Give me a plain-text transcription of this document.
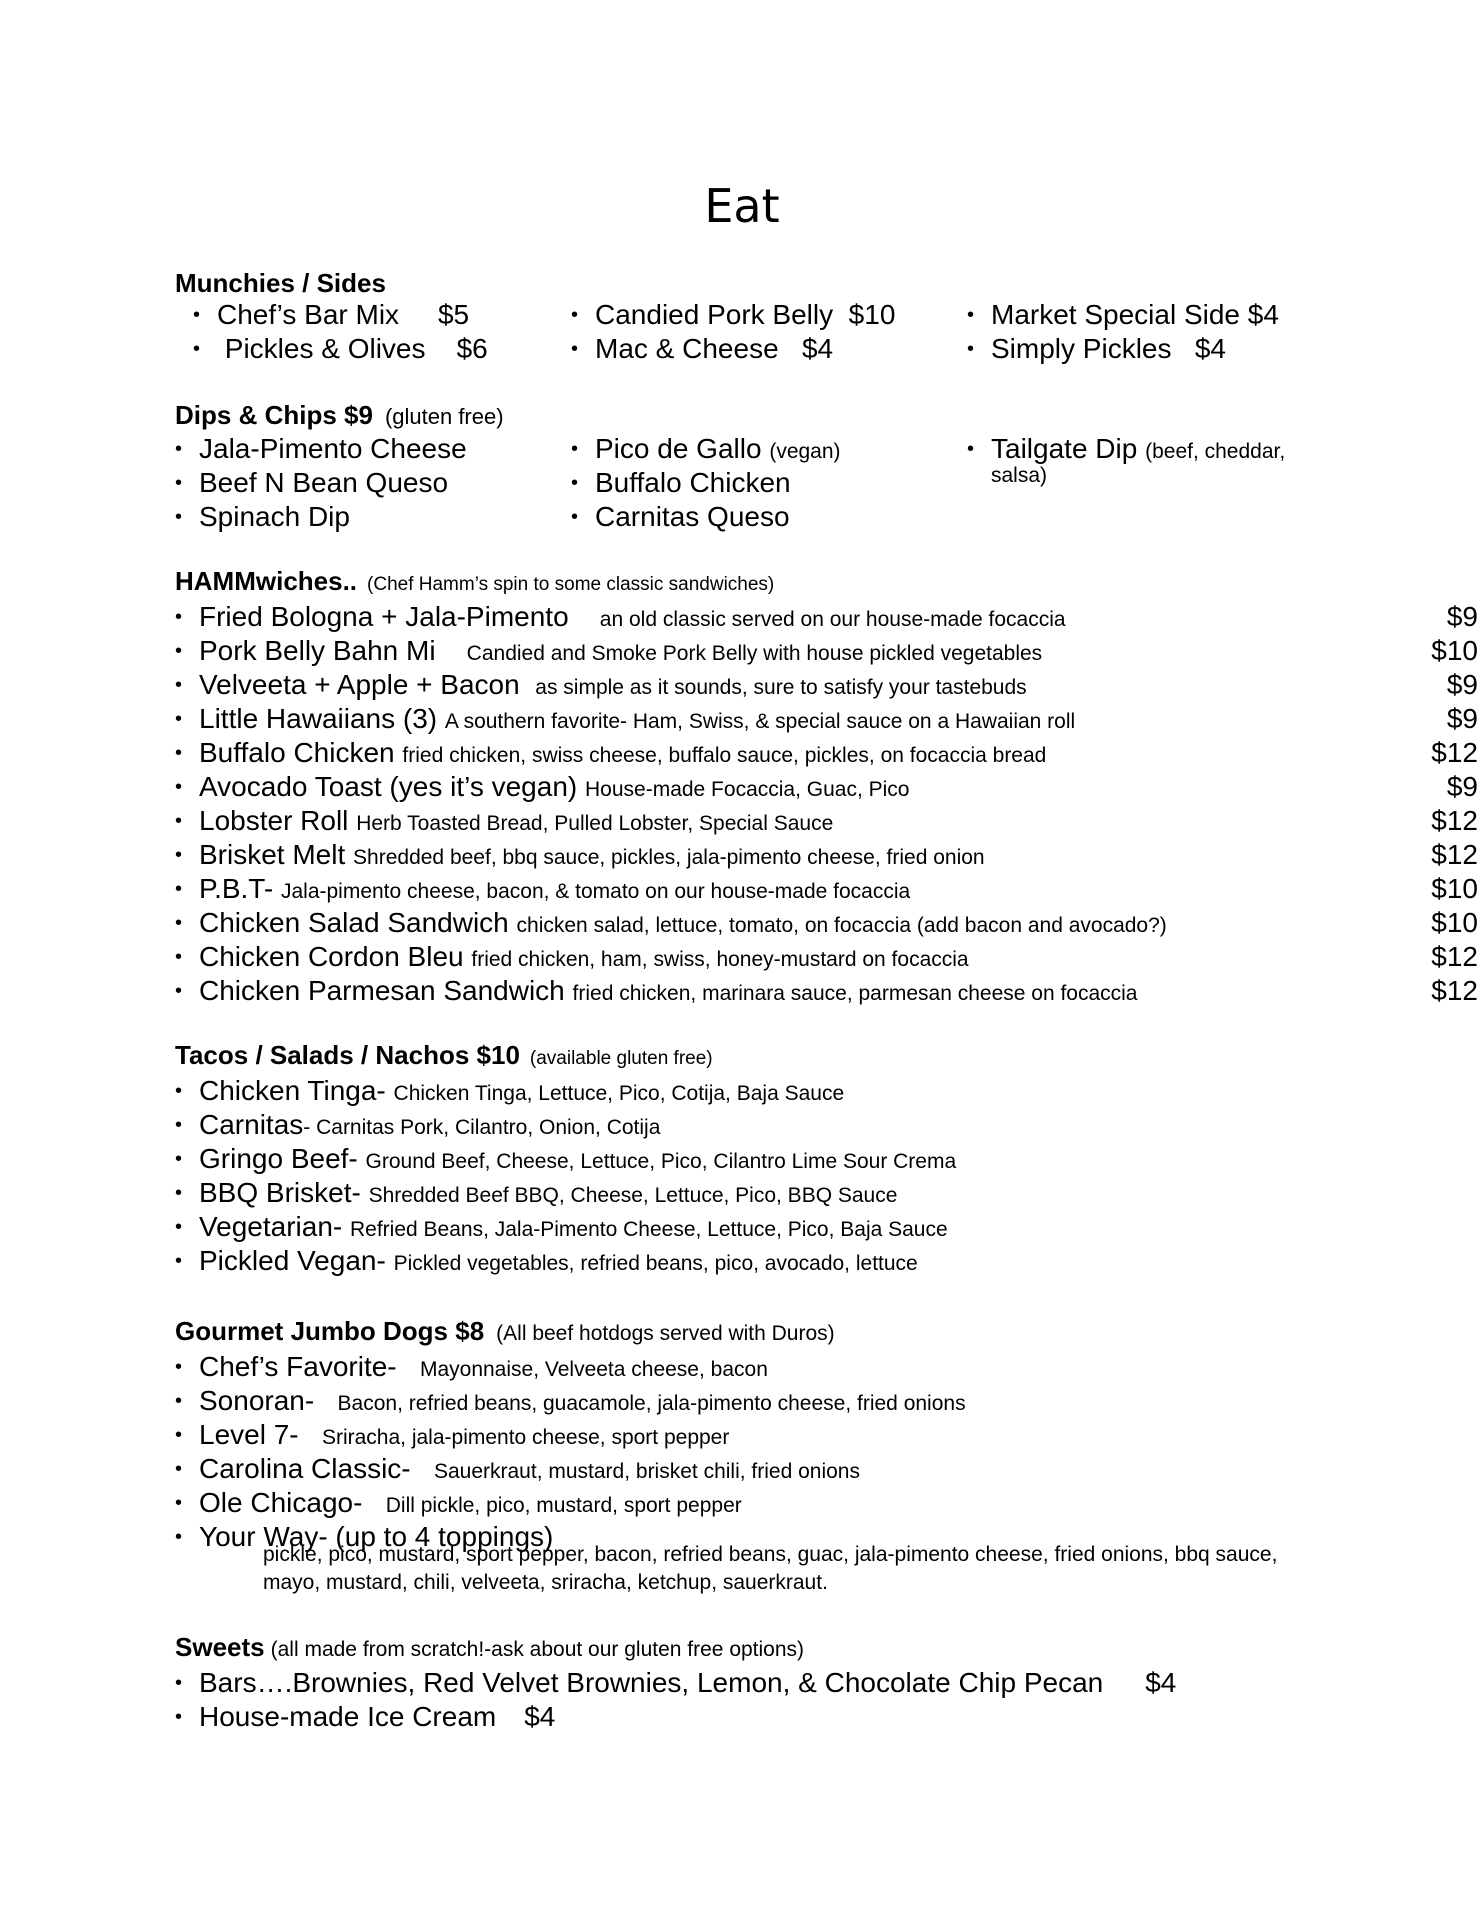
Eat
Munchies / Sides
• Chef’s Bar Mix     $5
• Pickles & Olives    $6
• Candied Pork Belly  $10
• Mac & Cheese   $4
• Market Special Side $4
• Simply Pickles   $4
Dips & Chips $9 (gluten free)
• Jala-Pimento Cheese
• Beef N Bean Queso
• Spinach Dip
• Pico de Gallo (vegan)
• Buffalo Chicken
• Carnitas Queso
• Tailgate Dip (beef, cheddar,
salsa)
HAMMwiches.. (Chef Hamm’s spin to some classic sandwiches)
• Fried Bologna + Jala-Pimento an old classic served on our house-made focaccia	$9
• Pork Belly Bahn Mi Candied and Smoke Pork Belly with house pickled vegetables	$10
• Velveeta + Apple + Bacon as simple as it sounds, sure to satisfy your tastebuds	$9
• Little Hawaiians (3) A southern favorite- Ham, Swiss, & special sauce on a Hawaiian roll	$9
• Buffalo Chicken fried chicken, swiss cheese, buffalo sauce, pickles, on focaccia bread	$12
• Avocado Toast (yes it’s vegan) House-made Focaccia, Guac, Pico	$9
• Lobster Roll Herb Toasted Bread, Pulled Lobster, Special Sauce	$12
• Brisket Melt Shredded beef, bbq sauce, pickles, jala-pimento cheese, fried onion	$12
• P.B.T- Jala-pimento cheese, bacon, & tomato on our house-made focaccia	$10
• Chicken Salad Sandwich chicken salad, lettuce, tomato, on focaccia (add bacon and avocado?)	$10
• Chicken Cordon Bleu fried chicken, ham, swiss, honey-mustard on focaccia	$12
• Chicken Parmesan Sandwich fried chicken, marinara sauce, parmesan cheese on focaccia	$12
Tacos / Salads / Nachos $10 (available gluten free)
• Chicken Tinga- Chicken Tinga, Lettuce, Pico, Cotija, Baja Sauce
• Carnitas- Carnitas Pork, Cilantro, Onion, Cotija
• Gringo Beef- Ground Beef, Cheese, Lettuce, Pico, Cilantro Lime Sour Crema
• BBQ Brisket- Shredded Beef BBQ, Cheese, Lettuce, Pico, BBQ Sauce
• Vegetarian- Refried Beans, Jala-Pimento Cheese, Lettuce, Pico, Baja Sauce
• Pickled Vegan- Pickled vegetables, refried beans, pico, avocado, lettuce
Gourmet Jumbo Dogs $8 (All beef hotdogs served with Duros)
• Chef’s Favorite- Mayonnaise, Velveeta cheese, bacon
• Sonoran- Bacon, refried beans, guacamole, jala-pimento cheese, fried onions
• Level 7- Sriracha, jala-pimento cheese, sport pepper
• Carolina Classic- Sauerkraut, mustard, brisket chili, fried onions
• Ole Chicago- Dill pickle, pico, mustard, sport pepper
• Your Way- (up to 4 toppings)
pickle, pico, mustard, sport pepper, bacon, refried beans, guac, jala-pimento cheese, fried onions, bbq sauce, mayo, mustard, chili, velveeta, sriracha, ketchup, sauerkraut.
Sweets (all made from scratch!-ask about our gluten free options)
• Bars….Brownies, Red Velvet Brownies, Lemon, & Chocolate Chip Pecan $4
• House-made Ice Cream $4
